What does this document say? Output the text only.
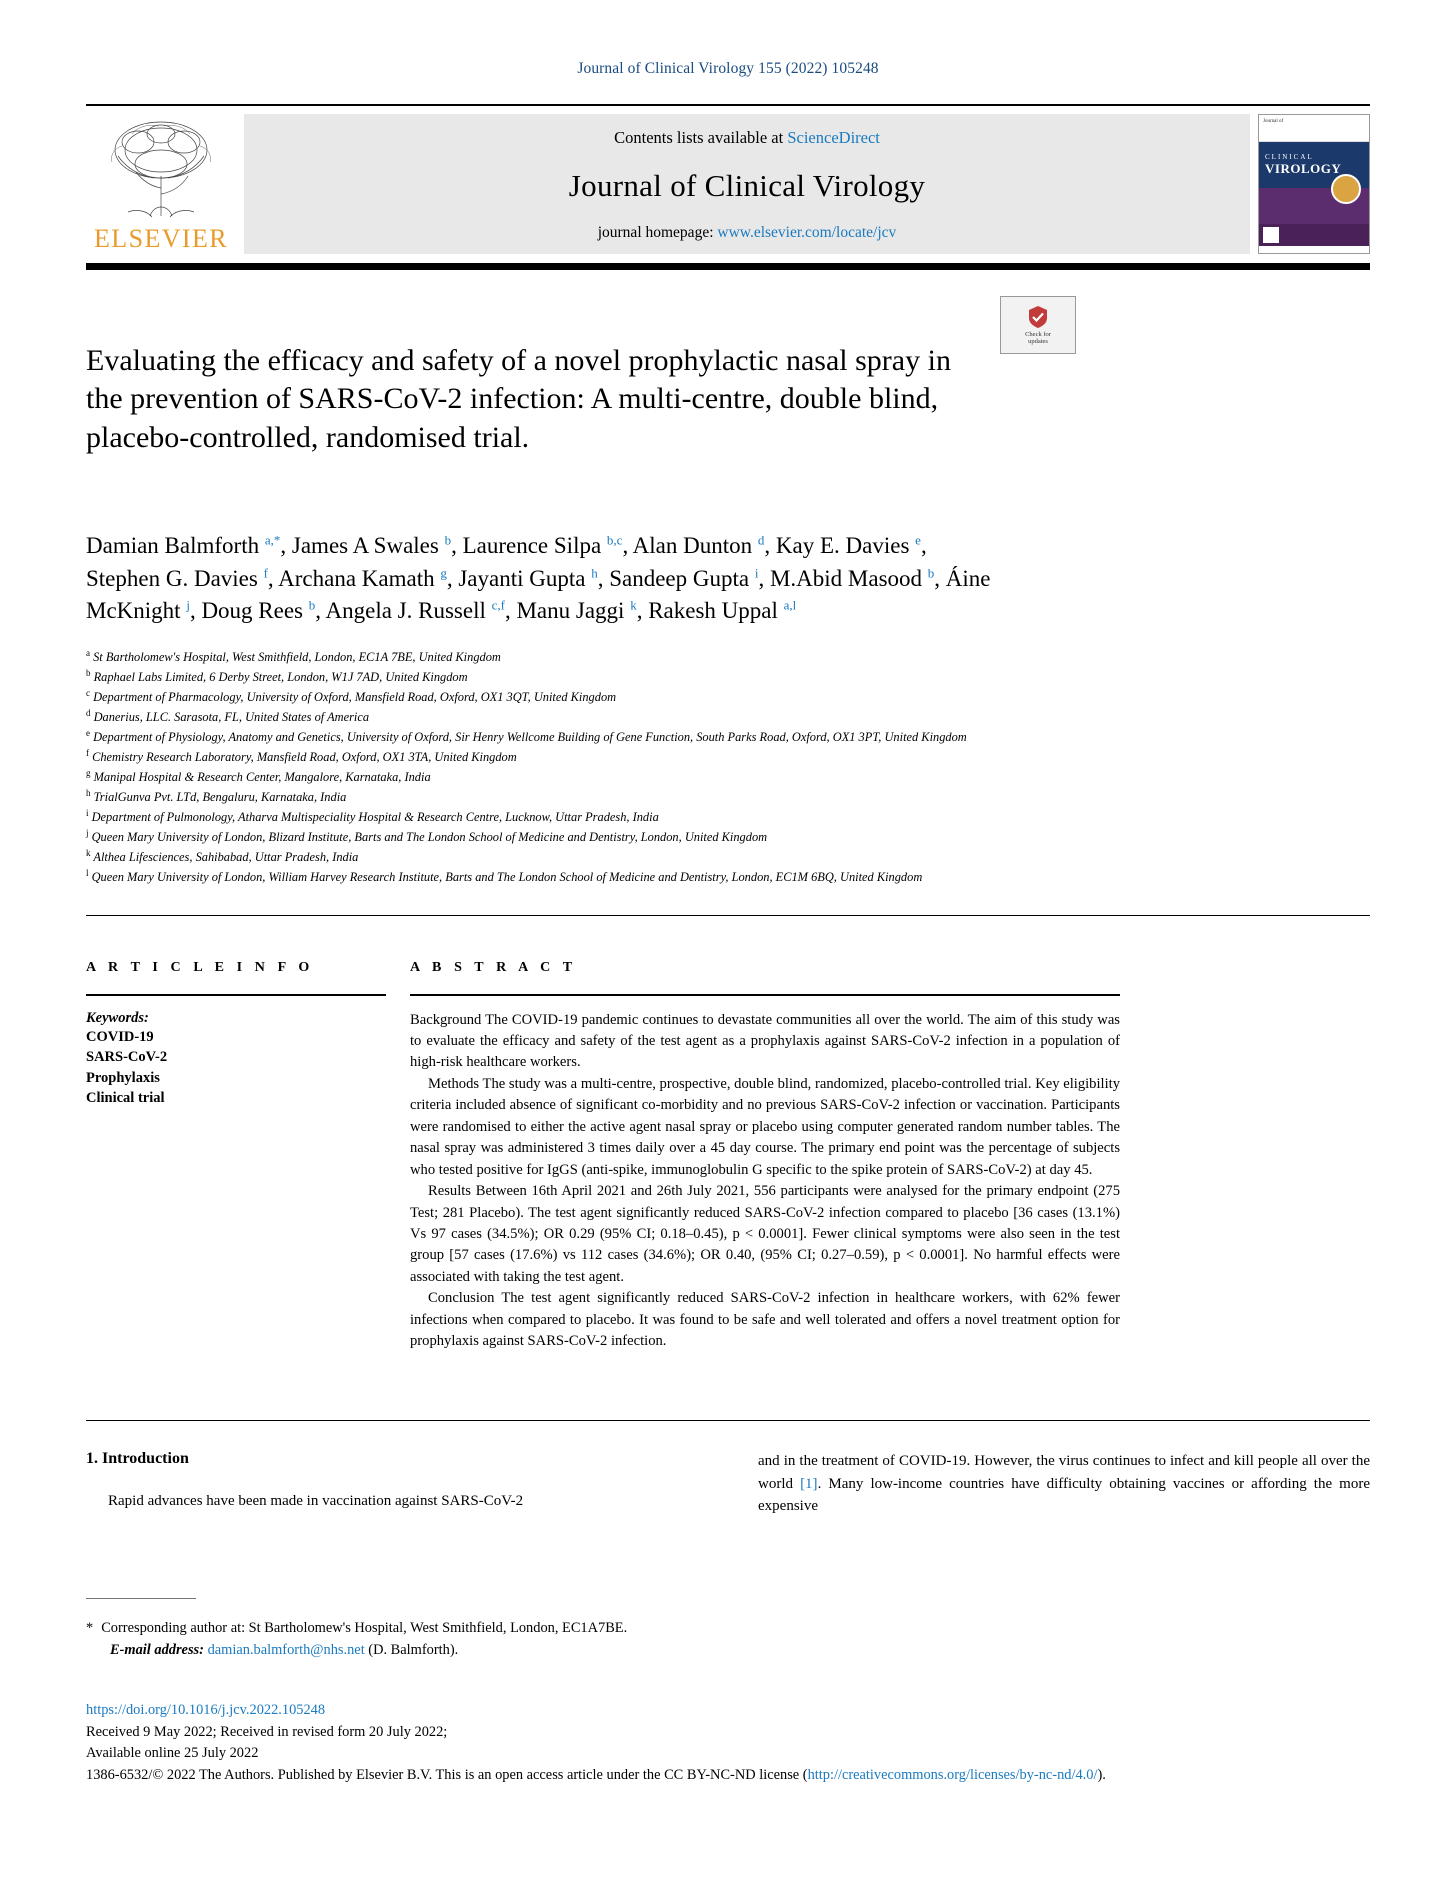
Journal of Clinical Virology 155 (2022) 105248
ELSEVIER
Contents lists available at ScienceDirect
Journal of Clinical Virology
journal homepage: www.elsevier.com/locate/jcv
Journal of
CLINICAL
VIROLOGY
Check for
updates
Evaluating the efficacy and safety of a novel prophylactic nasal spray in the prevention of SARS-CoV-2 infection: A multi-centre, double blind, placebo-controlled, randomised trial.
Damian Balmforth $^{a,*}$, James A Swales $^b$, Laurence Silpa $^{b,c}$, Alan Dunton $^d$, Kay E. Davies $^e$, Stephen G. Davies $^f$, Archana Kamath $^g$, Jayanti Gupta $^h$, Sandeep Gupta $^i$, M.Abid Masood $^b$, Áine McKnight $^j$, Doug Rees $^b$, Angela J. Russell $^{c,f}$, Manu Jaggi $^k$, Rakesh Uppal $^{a,l}$
$^a$ St Bartholomew's Hospital, West Smithfield, London, EC1A 7BE, United Kingdom
$^b$ Raphael Labs Limited, 6 Derby Street, London, W1J 7AD, United Kingdom
$^c$ Department of Pharmacology, University of Oxford, Mansfield Road, Oxford, OX1 3QT, United Kingdom
$^d$ Danerius, LLC. Sarasota, FL, United States of America
$^e$ Department of Physiology, Anatomy and Genetics, University of Oxford, Sir Henry Wellcome Building of Gene Function, South Parks Road, Oxford, OX1 3PT, United Kingdom
$^f$ Chemistry Research Laboratory, Mansfield Road, Oxford, OX1 3TA, United Kingdom
$^g$ Manipal Hospital & Research Center, Mangalore, Karnataka, India
$^h$ TrialGunva Pvt. LTd, Bengaluru, Karnataka, India
$^i$ Department of Pulmonology, Atharva Multispeciality Hospital & Research Centre, Lucknow, Uttar Pradesh, India
$^j$ Queen Mary University of London, Blizard Institute, Barts and The London School of Medicine and Dentistry, London, United Kingdom
$^k$ Althea Lifesciences, Sahibabad, Uttar Pradesh, India
$^l$ Queen Mary University of London, William Harvey Research Institute, Barts and The London School of Medicine and Dentistry, London, EC1M 6BQ, United Kingdom
A R T I C L E I N F O
Keywords:
COVID-19
SARS-CoV-2
Prophylaxis
Clinical trial
A B S T R A C T

Background The COVID-19 pandemic continues to devastate communities all over the world. The aim of this study was to evaluate the efficacy and safety of the test agent as a prophylaxis against SARS-CoV-2 infection in a population of high-risk healthcare workers.

Methods The study was a multi-centre, prospective, double blind, randomized, placebo-controlled trial. Key eligibility criteria included absence of significant co-morbidity and no previous SARS-CoV-2 infection or vaccination. Participants were randomised to either the active agent nasal spray or placebo using computer generated random number tables. The nasal spray was administered 3 times daily over a 45 day course. The primary end point was the percentage of subjects who tested positive for IgGS (anti-spike, immunoglobulin G specific to the spike protein of SARS-CoV-2) at day 45.

Results Between 16th April 2021 and 26th July 2021, 556 participants were analysed for the primary endpoint (275 Test; 281 Placebo). The test agent significantly reduced SARS-CoV-2 infection compared to placebo [36 cases (13.1%) Vs 97 cases (34.5%); OR 0.29 (95% CI; 0.18–0.45), p < 0.0001]. Fewer clinical symptoms were also seen in the test group [57 cases (17.6%) vs 112 cases (34.6%); OR 0.40, (95% CI; 0.27–0.59), p < 0.0001]. No harmful effects were associated with taking the test agent.

Conclusion The test agent significantly reduced SARS-CoV-2 infection in healthcare workers, with 62% fewer infections when compared to placebo. It was found to be safe and well tolerated and offers a novel treatment option for prophylaxis against SARS-CoV-2 infection.

1. Introduction

Rapid advances have been made in vaccination against SARS-CoV-2

and in the treatment of COVID-19. However, the virus continues to infect and kill people all over the world [1]. Many low-income countries have difficulty obtaining vaccines or affording the more expensive

* Corresponding author at: St Bartholomew's Hospital, West Smithfield, London, EC1A7BE.
E-mail address: damian.balmforth@nhs.net (D. Balmforth).
https://doi.org/10.1016/j.jcv.2022.105248
Received 9 May 2022; Received in revised form 20 July 2022;
Available online 25 July 2022
1386-6532/© 2022 The Authors. Published by Elsevier B.V. This is an open access article under the CC BY-NC-ND license (http://creativecommons.org/licenses/by-nc-nd/4.0/).
